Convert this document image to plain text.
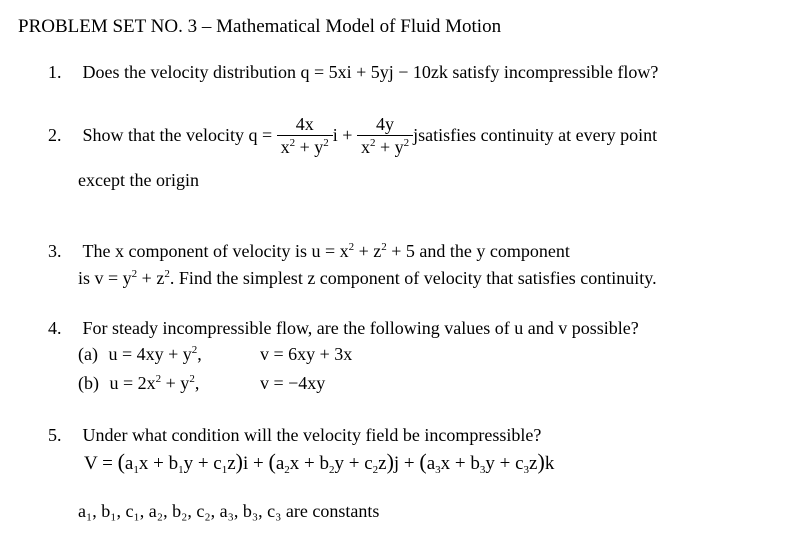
PROBLEM SET NO. 3 – Mathematical Model of Fluid Motion
1. Does the velocity distribution q = 5xi + 5yj − 10zk satisfy incompressible flow?
2. Show that the velocity $q = \frac{4x}{x^2 + y^2}$ $i + \frac{4y}{x^2 + y^2}$ jsatisfies continuity at every point
except the origin
3. The x component of velocity is $u = x^2 + z^2 + 5$ and the y component
is $v = y^2 + z^2$. Find the simplest z component of velocity that satisfies continuity.
4. For steady incompressible flow, are the following values of u and v possible?
(a) $u = 4xy + y^2$,	v = 6xy + 3x
(b) $u = 2x^2 + y^2$,	v = −4xy
5. Under what condition will the velocity field be incompressible?
$V = (a_1x + b_1y + c_1z)i + (a_2x + b_2y + c_2z)j + (a_3x + b_3y + c_3z)k$
a₁, b₁, c₁, a₂, b₂, c₂, a₃, b₃, c₃ are constants
